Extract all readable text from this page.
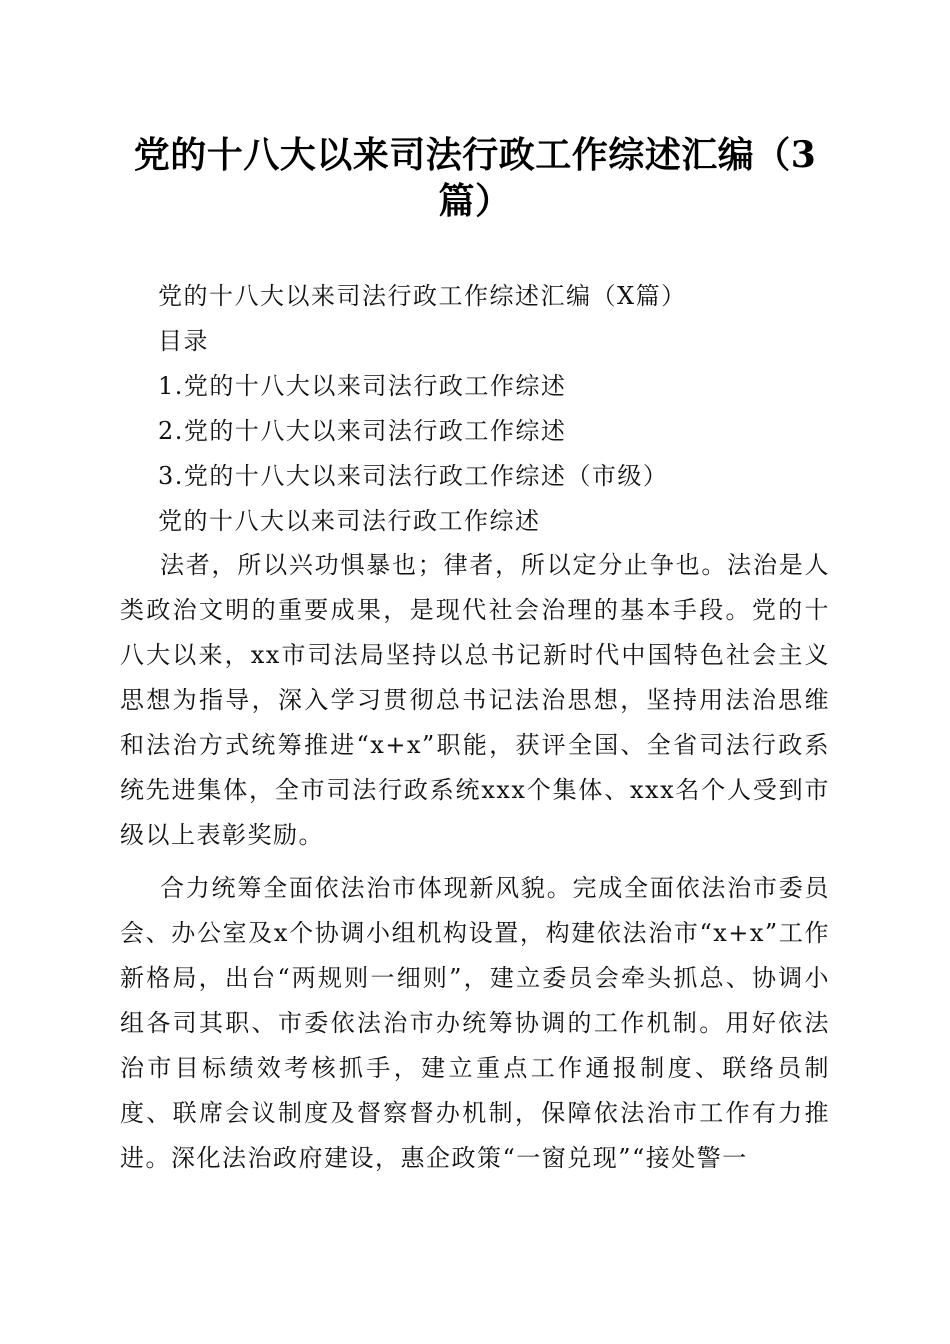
党的十八大以来司法行政工作综述汇编（3
篇）
党的十八大以来司法行政工作综述汇编（X篇）
目录
1.党的十八大以来司法行政工作综述
2.党的十八大以来司法行政工作综述
3.党的十八大以来司法行政工作综述（市级）
党的十八大以来司法行政工作综述

法者，所以兴功惧暴也；律者，所以定分止争也。法治是人类政治文明的重要成果，是现代社会治理的基本手段。党的十八大以来，xx市司法局坚持以总书记新时代中国特色社会主义思想为指导，深入学习贯彻总书记法治思想，坚持用法治思维和法治方式统筹推进“x+x”职能，获评全国、全省司法行政系统先进集体，全市司法行政系统xxx个集体、xxx名个人受到市级以上表彰奖励。

合力统筹全面依法治市体现新风貌。完成全面依法治市委员会、办公室及x个协调小组机构设置，构建依法治市“x+x”工作新格局，出台“两规则一细则”，建立委员会牵头抓总、协调小组各司其职、市委依法治市办统筹协调的工作机制。用好依法治市目标绩效考核抓手，建立重点工作通报制度、联络员制度、联席会议制度及督察督办机制，保障依法治市工作有力推进。深化法治政府建设，惠企政策“一窗兑现”“接处警一
